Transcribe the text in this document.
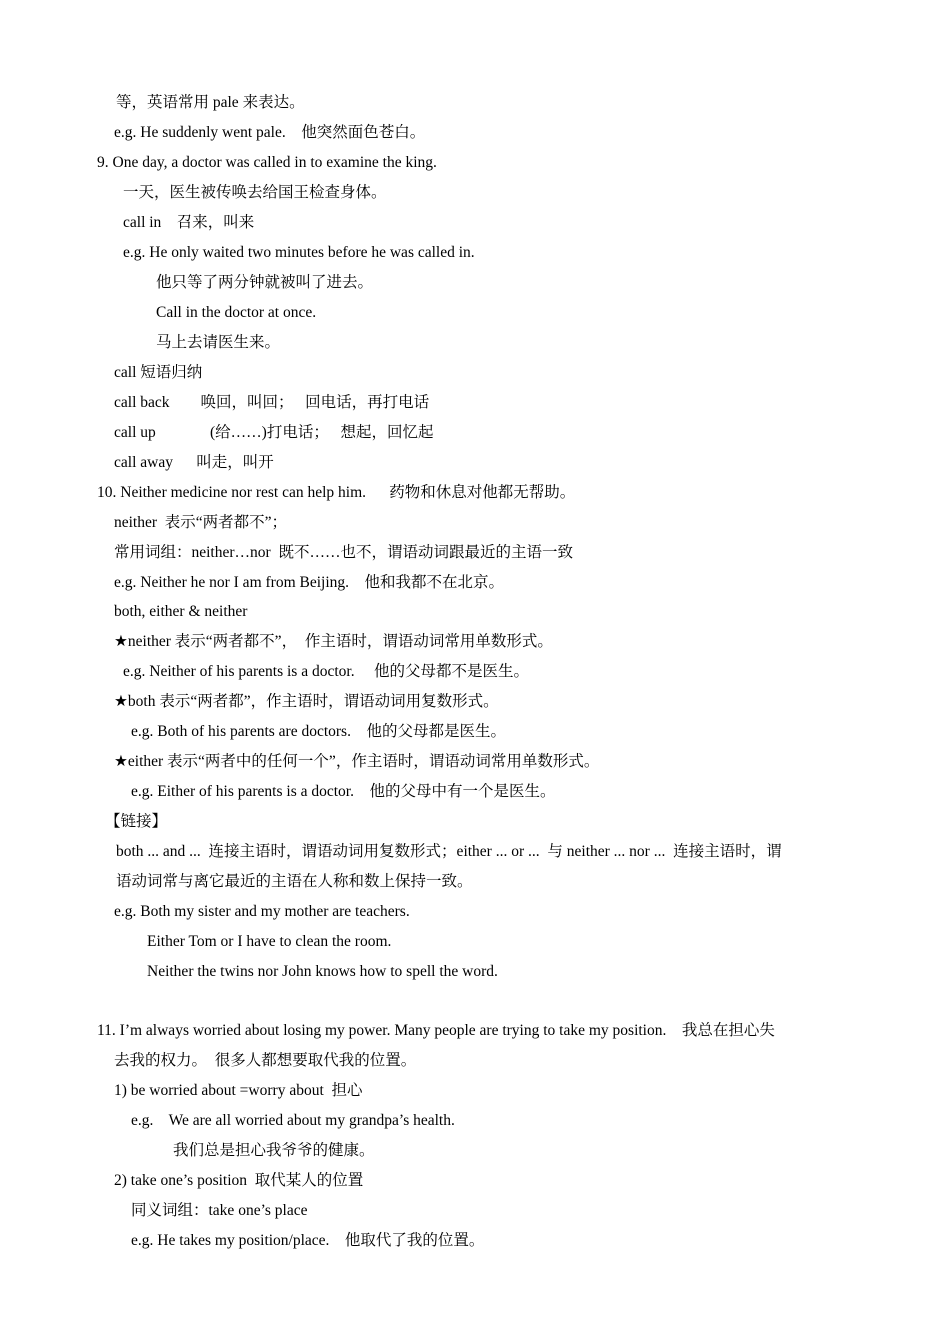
等，英语常用 pale 来表达。
e.g. He suddenly went pale.    他突然面色苍白。
9. One day, a doctor was called in to examine the king.
一天，医生被传唤去给国王检查身体。
call in    召来，叫来
e.g. He only waited two minutes before he was called in.
他只等了两分钟就被叫了进去。
Call in the doctor at once.
马上去请医生来。
call 短语归纳
call back        唤回，叫回；   回电话，再打电话
call up              (给……)打电话；   想起，回忆起
call away      叫走，叫开
10. Neither medicine nor rest can help him.      药物和休息对他都无帮助。
neither  表示“两者都不”；
常用词组：neither…nor  既不……也不，谓语动词跟最近的主语一致
e.g. Neither he nor I am from Beijing.    他和我都不在北京。
both, either & neither
★neither 表示“两者都不”，  作主语时，谓语动词常用单数形式。
e.g. Neither of his parents is a doctor.     他的父母都不是医生。
★both 表示“两者都”，作主语时，谓语动词用复数形式。
e.g. Both of his parents are doctors.    他的父母都是医生。
★either 表示“两者中的任何一个”，作主语时，谓语动词常用单数形式。
e.g. Either of his parents is a doctor.    他的父母中有一个是医生。
【链接】
both ... and ...  连接主语时，谓语动词用复数形式；either ... or ...  与 neither ... nor ...  连接主语时，谓
语动词常与离它最近的主语在人称和数上保持一致。
e.g. Both my sister and my mother are teachers.
Either Tom or I have to clean the room.
Neither the twins nor John knows how to spell the word.
11. I’m always worried about losing my power. Many people are trying to take my position.    我总在担心失
去我的权力。  很多人都想要取代我的位置。
1) be worried about =worry about  担心
e.g.    We are all worried about my grandpa’s health.
我们总是担心我爷爷的健康。
2) take one’s position  取代某人的位置
同义词组：take one’s place
e.g. He takes my position/place.    他取代了我的位置。
